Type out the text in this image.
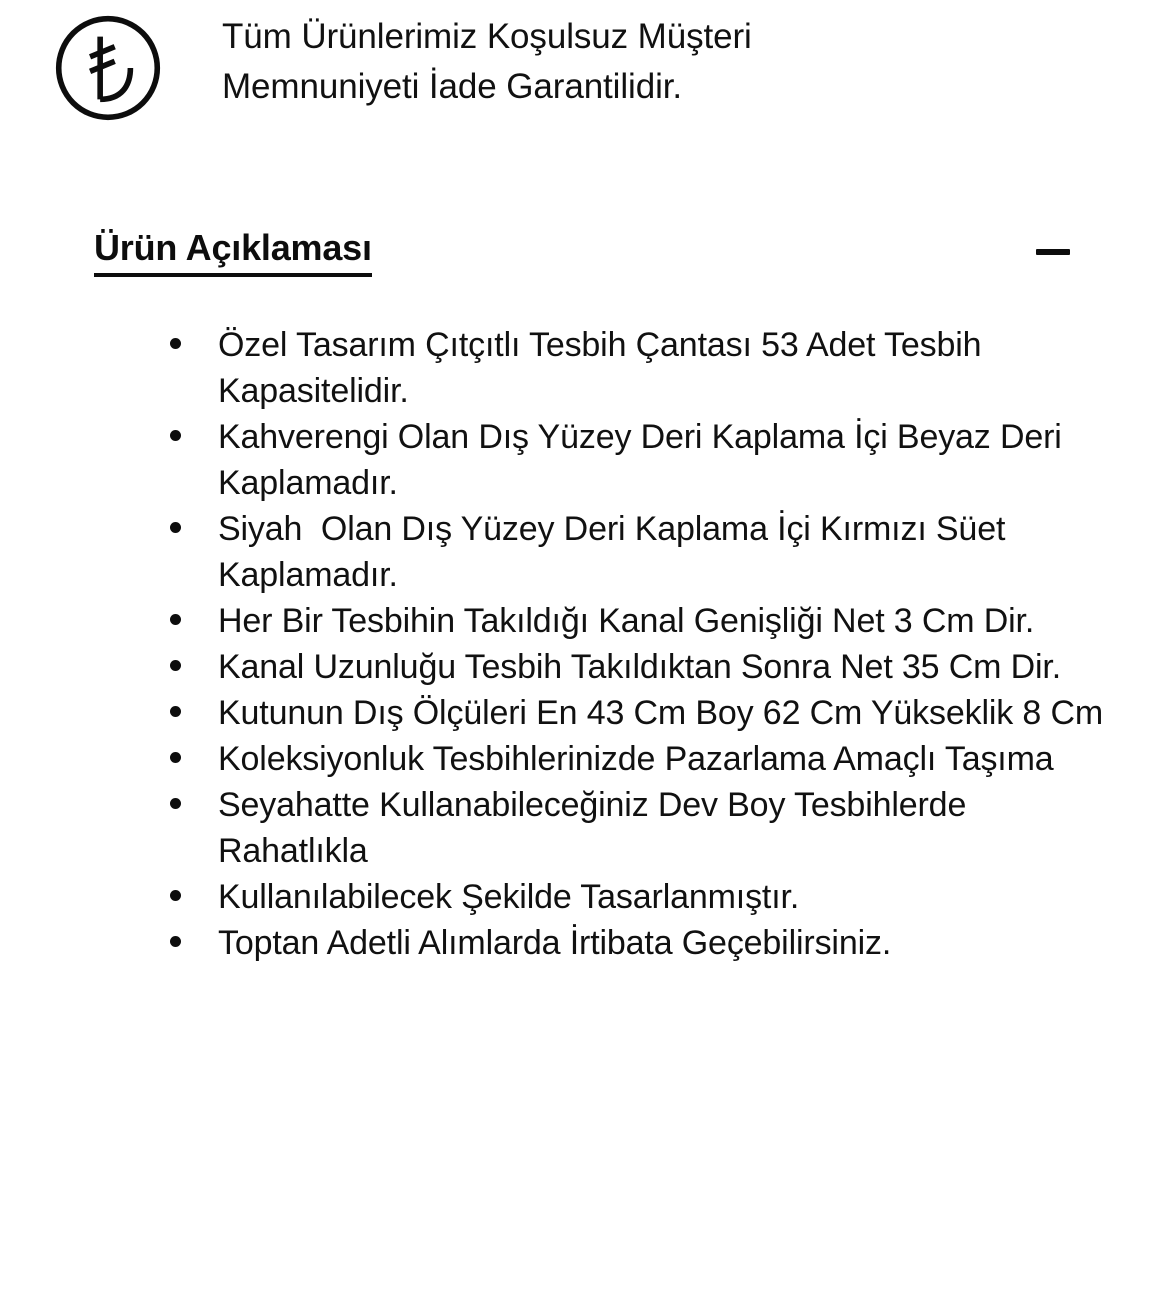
Tüm Ürünlerimiz Koşulsuz Müşteri Memnuniyeti İade Garantilidir.
Ürün Açıklaması
Özel Tasarım Çıtçıtlı Tesbih Çantası 53 Adet Tesbih Kapasitelidir.
Kahverengi Olan Dış Yüzey Deri Kaplama İçi Beyaz Deri Kaplamadır.
Siyah  Olan Dış Yüzey Deri Kaplama İçi Kırmızı Süet Kaplamadır.
Her Bir Tesbihin Takıldığı Kanal Genişliği Net 3 Cm Dir.
Kanal Uzunluğu Tesbih Takıldıktan Sonra Net 35 Cm Dir.
Kutunun Dış Ölçüleri En 43 Cm Boy 62 Cm Yükseklik 8 Cm
Koleksiyonluk Tesbihlerinizde Pazarlama Amaçlı Taşıma
Seyahatte Kullanabileceğiniz Dev Boy Tesbihlerde Rahatlıkla
Kullanılabilecek Şekilde Tasarlanmıştır.
Toptan Adetli Alımlarda İrtibata Geçebilirsiniz.
